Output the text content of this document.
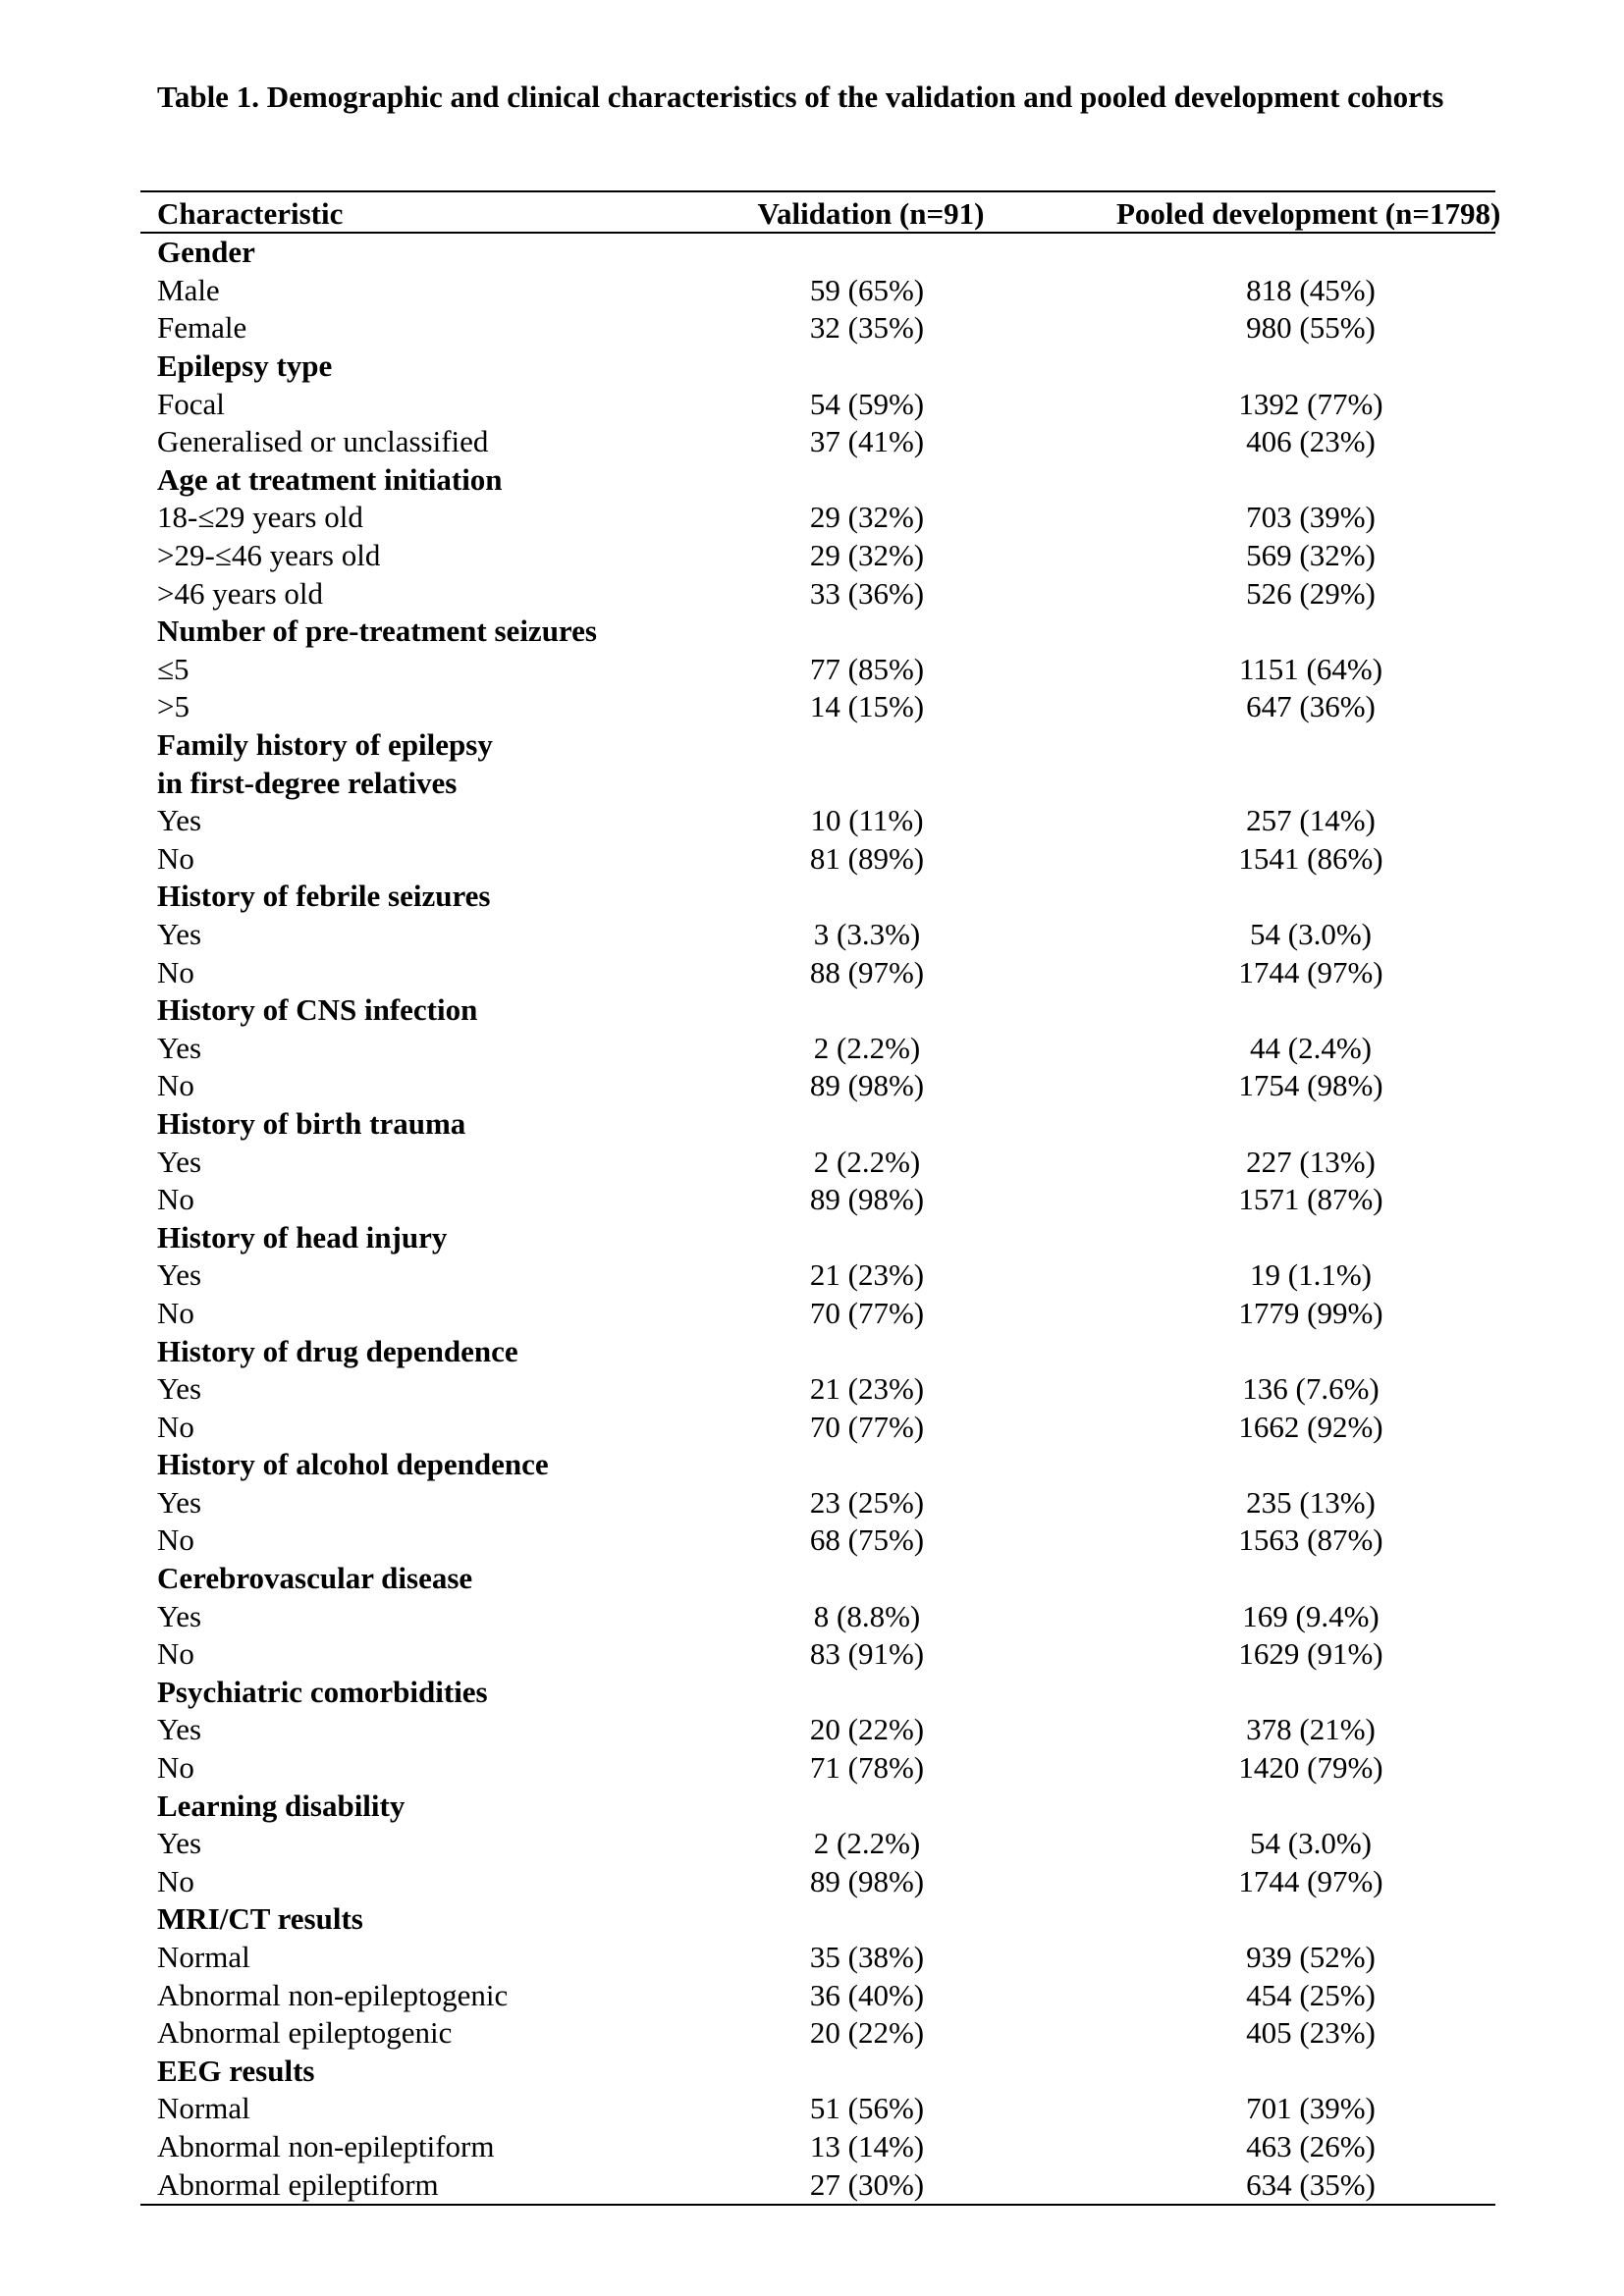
Table 1. Demographic and clinical characteristics of the validation and pooled development cohorts
Characteristic	Validation (n=91)	Pooled development (n=1798)
Gender
Male	59 (65%)	818 (45%)
Female	32 (35%)	980 (55%)
Epilepsy type
Focal	54 (59%)	1392 (77%)
Generalised or unclassified	37 (41%)	406 (23%)
Age at treatment initiation
18-≤29 years old	29 (32%)	703 (39%)
>29-≤46 years old	29 (32%)	569 (32%)
>46 years old	33 (36%)	526 (29%)
Number of pre-treatment seizures
≤5	77 (85%)	1151 (64%)
>5	14 (15%)	647 (36%)
Family history of epilepsy
in first-degree relatives
Yes	10 (11%)	257 (14%)
No	81 (89%)	1541 (86%)
History of febrile seizures
Yes	3 (3.3%)	54 (3.0%)
No	88 (97%)	1744 (97%)
History of CNS infection
Yes	2 (2.2%)	44 (2.4%)
No	89 (98%)	1754 (98%)
History of birth trauma
Yes	2 (2.2%)	227 (13%)
No	89 (98%)	1571 (87%)
History of head injury
Yes	21 (23%)	19 (1.1%)
No	70 (77%)	1779 (99%)
History of drug dependence
Yes	21 (23%)	136 (7.6%)
No	70 (77%)	1662 (92%)
History of alcohol dependence
Yes	23 (25%)	235 (13%)
No	68 (75%)	1563 (87%)
Cerebrovascular disease
Yes	8 (8.8%)	169 (9.4%)
No	83 (91%)	1629 (91%)
Psychiatric comorbidities
Yes	20 (22%)	378 (21%)
No	71 (78%)	1420 (79%)
Learning disability
Yes	2 (2.2%)	54 (3.0%)
No	89 (98%)	1744 (97%)
MRI/CT results
Normal	35 (38%)	939 (52%)
Abnormal non-epileptogenic	36 (40%)	454 (25%)
Abnormal epileptogenic	20 (22%)	405 (23%)
EEG results
Normal	51 (56%)	701 (39%)
Abnormal non-epileptiform	13 (14%)	463 (26%)
Abnormal epileptiform	27 (30%)	634 (35%)
